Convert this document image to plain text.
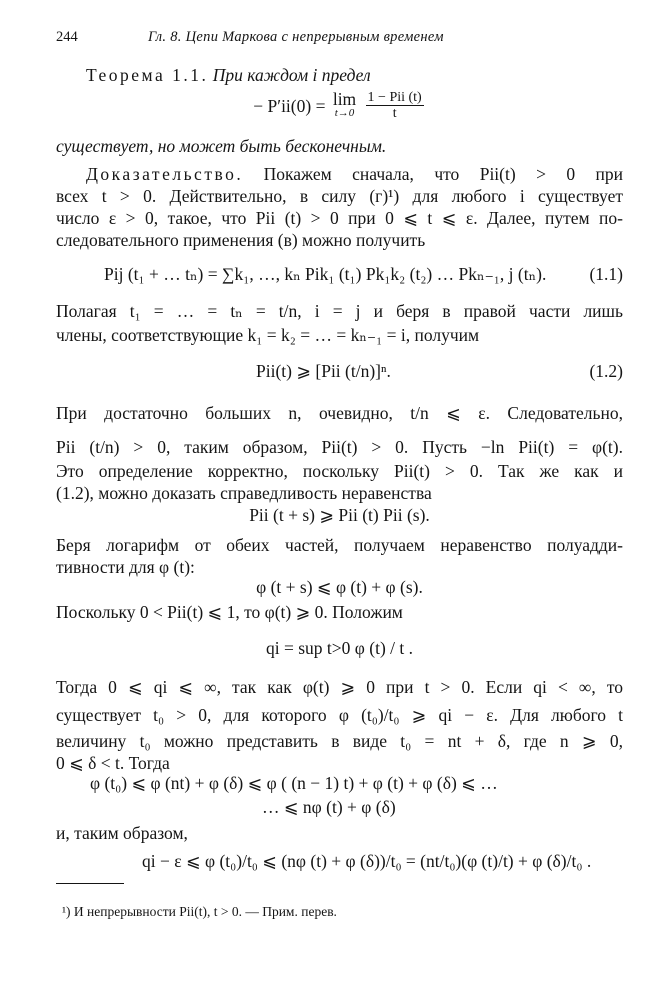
244	Гл. 8. Цепи Маркова с непрерывным временем
Теорема 1.1. При каждом i предел
− P′ii(0) = lim
t→0
$\frac{\text{1 − Pii (t)}}{t}$
существует, но может быть бесконечным.
Доказательство. Покажем сначала, что Pii(t) > 0 при
всех t > 0. Действительно, в силу (г)¹) для любого i существует
число ε > 0, такое, что Pii (t) > 0 при 0 ⩽ t ⩽ ε. Далее, путем по-
следовательного применения (в) можно получить
Pij (t₁ + … tₙ) = ∑k₁, …, kₙ Pik₁ (t₁) Pk₁k₂ (t₂) … Pkₙ₋₁, j (tₙ). (1.1)
Полагая t₁ = … = tₙ = t/n, i = j и беря в правой части лишь
члены, соответствующие k₁ = k₂ = … = kₙ₋₁ = i, получим
Pii(t) ⩾ [Pii (t/n)]ⁿ.	(1.2)
При достаточно больших n, очевидно, t/n ⩽ ε. Следовательно,
Pii (t/n) > 0, таким образом, Pii(t) > 0. Пусть −ln Pii(t) = φ(t).
Это определение корректно, поскольку Pii(t) > 0. Так же как и
(1.2), можно доказать справедливость неравенства
Pii (t + s) ⩾ Pii (t) Pii (s).
Беря логарифм от обеих частей, получаем неравенство полуадди-
тивности для φ (t):
φ (t + s) ⩽ φ (t) + φ (s).
Поскольку 0 < Pii(t) ⩽ 1, то φ(t) ⩾ 0. Положим
qi = sup t>0 φ (t) / t .
Тогда 0 ⩽ qi ⩽ ∞, так как φ(t) ⩾ 0 при t > 0. Если qi < ∞, то
существует t₀ > 0, для которого φ (t₀)/t₀ ⩾ qi − ε. Для любого t
величину t₀ можно представить в виде t₀ = nt + δ, где n ⩾ 0,
0 ⩽ δ < t. Тогда
φ (t₀) ⩽ φ (nt) + φ (δ) ⩽ φ ( (n − 1) t) + φ (t) + φ (δ) ⩽ …
… ⩽ nφ (t) + φ (δ)
и, таким образом,
qi − ε ⩽ φ (t₀)/t₀ ⩽ (nφ (t) + φ (δ))/t₀ = (nt/t₀)(φ (t)/t) + φ (δ)/t₀ .
¹) И непрерывности Pii(t), t > 0. — Прим. перев.
